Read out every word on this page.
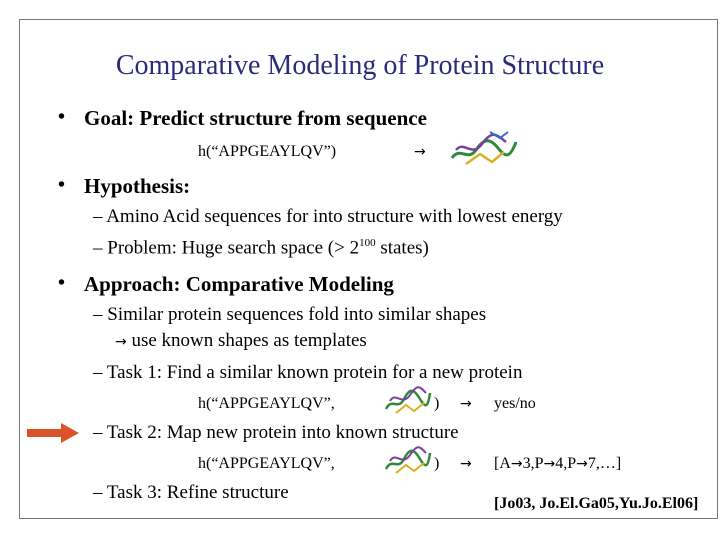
Comparative Modeling of Protein Structure
• Goal: Predict structure from sequence
h(“APPGEAYLQV”)	→
• Hypothesis:
– Amino Acid sequences for into structure with lowest energy
– Problem: Huge search space (> $2^{100}$ states)
• Approach: Comparative Modeling
– Similar protein sequences fold into similar shapes
→ use known shapes as templates
– Task 1: Find a similar known protein for a new protein
h(“APPGEAYLQV”,	) → yes/no
– Task 2: Map new protein into known structure
h(“APPGEAYLQV”,	) → [A→3,P→4,P→7,…]
– Task 3: Refine structure
[Jo03, Jo.El.Ga05,Yu.Jo.El06]
